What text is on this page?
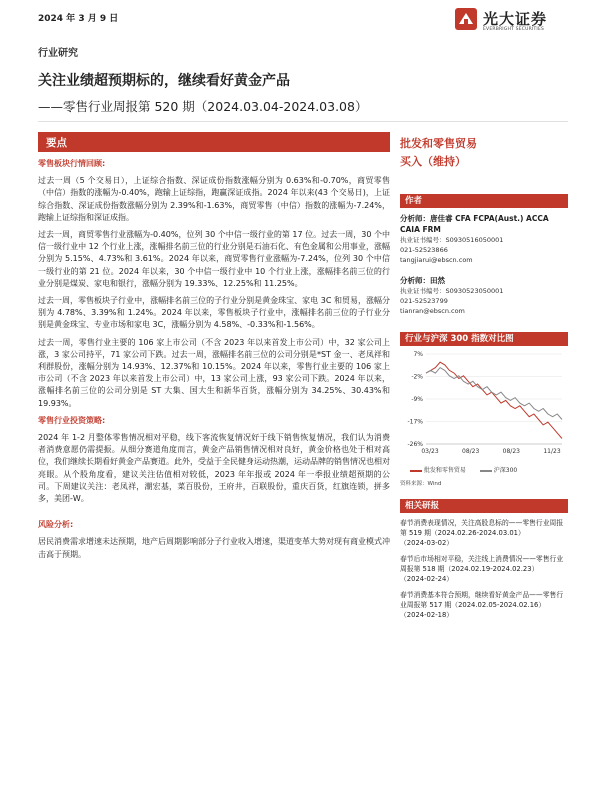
2024 年 3 月 9 日	光大证券
EVERBRIGHT SECURITIES
行业研究
关注业绩超预期标的，继续看好黄金产品
——零售行业周报第 520 期（2024.03.04-2024.03.08）
要点
零售板块行情回顾:
过去一周（5 个交易日），上证综合指数、深证成份指数涨幅分别为 0.63%和-0.70%，商贸零售（中信）指数的涨幅为-0.40%，跑输上证综指，跑赢深证成指。2024 年以来(43 个交易日)，上证综合指数、深证成份指数涨幅分别为 2.39%和-1.63%，商贸零售（中信）指数的涨幅为-7.24%，跑输上证综指和深证成指。
过去一周，商贸零售行业涨幅为-0.40%，位列 30 个中信一级行业的第 17 位。过去一周，30 个中信一级行业中 12 个行业上涨，涨幅排名前三位的行业分别是石油石化、有色金属和公用事业，涨幅分别为 5.15%、4.73%和 3.61%。2024 年以来，商贸零售行业涨幅为-7.24%，位列 30 个中信一级行业的第 21 位。2024 年以来，30 个中信一级行业中 10 个行业上涨，涨幅排名前三位的行业分别是煤炭、家电和银行，涨幅分别为 19.33%、12.25%和 11.25%。
过去一周，零售板块子行业中，涨幅排名前三位的子行业分别是黄金珠宝、家电 3C 和贸易，涨幅分别为 4.78%、3.39%和 1.24%。2024 年以来，零售板块子行业中，涨幅排名前三位的子行业分别是黄金珠宝、专业市场和家电 3C，涨幅分别为 4.58%、-0.33%和-1.56%。
过去一周，零售行业主要的 106 家上市公司（不含 2023 年以来首发上市公司）中，32 家公司上涨，3 家公司持平，71 家公司下跌。过去一周，涨幅排名前三位的公司分别是*ST 金一、老凤祥和利群股份，涨幅分别为 14.93%、12.37%和 10.15%。2024 年以来，零售行业主要的 106 家上市公司（不含 2023 年以来首发上市公司）中，13 家公司上涨，93 家公司下跌。2024 年以来，涨幅排名前三位的公司分别是 ST 大集、国大生和新华百货，涨幅分别为 34.25%、30.43%和 19.93%。
零售行业投资策略:
2024 年 1-2 月整体零售情况相对平稳，线下客流恢复情况好于线下销售恢复情况，我们认为消费者消费意愿仍需提振。从细分赛道角度而言，黄金产品销售情况相对良好，黄金价格也处于相对高位，我们继续长期看好黄金产品赛道。此外，受益于全民健身运动热潮，运动品牌的销售情况也相对亮眼。从个股角度看，建议关注估值相对较低，2023 年年报或 2024 年一季报业绩超预期的公司。下周建议关注：老凤祥，潮宏基，菜百股份，王府井，百联股份，重庆百货，红旗连锁，拼多多，美团-W。
风险分析:
居民消费需求增速未达预期，地产后周期影响部分子行业收入增速，渠道变革大势对现有商业模式冲击高于预期。
批发和零售贸易
买入（维持）
作者
分析师：唐佳睿 CFA FCPA(Aust.) ACCA CAIA FRM
执业证书编号：S0930516050001
021-52523866
tangjiarui@ebscn.com
分析师：田然
执业证书编号：S0930523050001
021-52523799
tianran@ebscn.com
行业与沪深 300 指数对比图
7%
-2%
-9%
-17%
-26%
03/23	08/23	08/23	11/23
批发和零售贸易	沪深300
资料来源：Wind
相关研报
春节消费表现情况，关注高股息标的——零售行业周报第 519 期（2024.02.26-2024.03.01）
（2024-03-02）
春节后市场相对平稳，关注线上消费情况——零售行业周报第 518 期（2024.02.19-2024.02.23）
（2024-02-24）
春节消费基本符合预期，继续看好黄金产品——零售行业周报第 517 期（2024.02.05-2024.02.16）
（2024-02-18）
